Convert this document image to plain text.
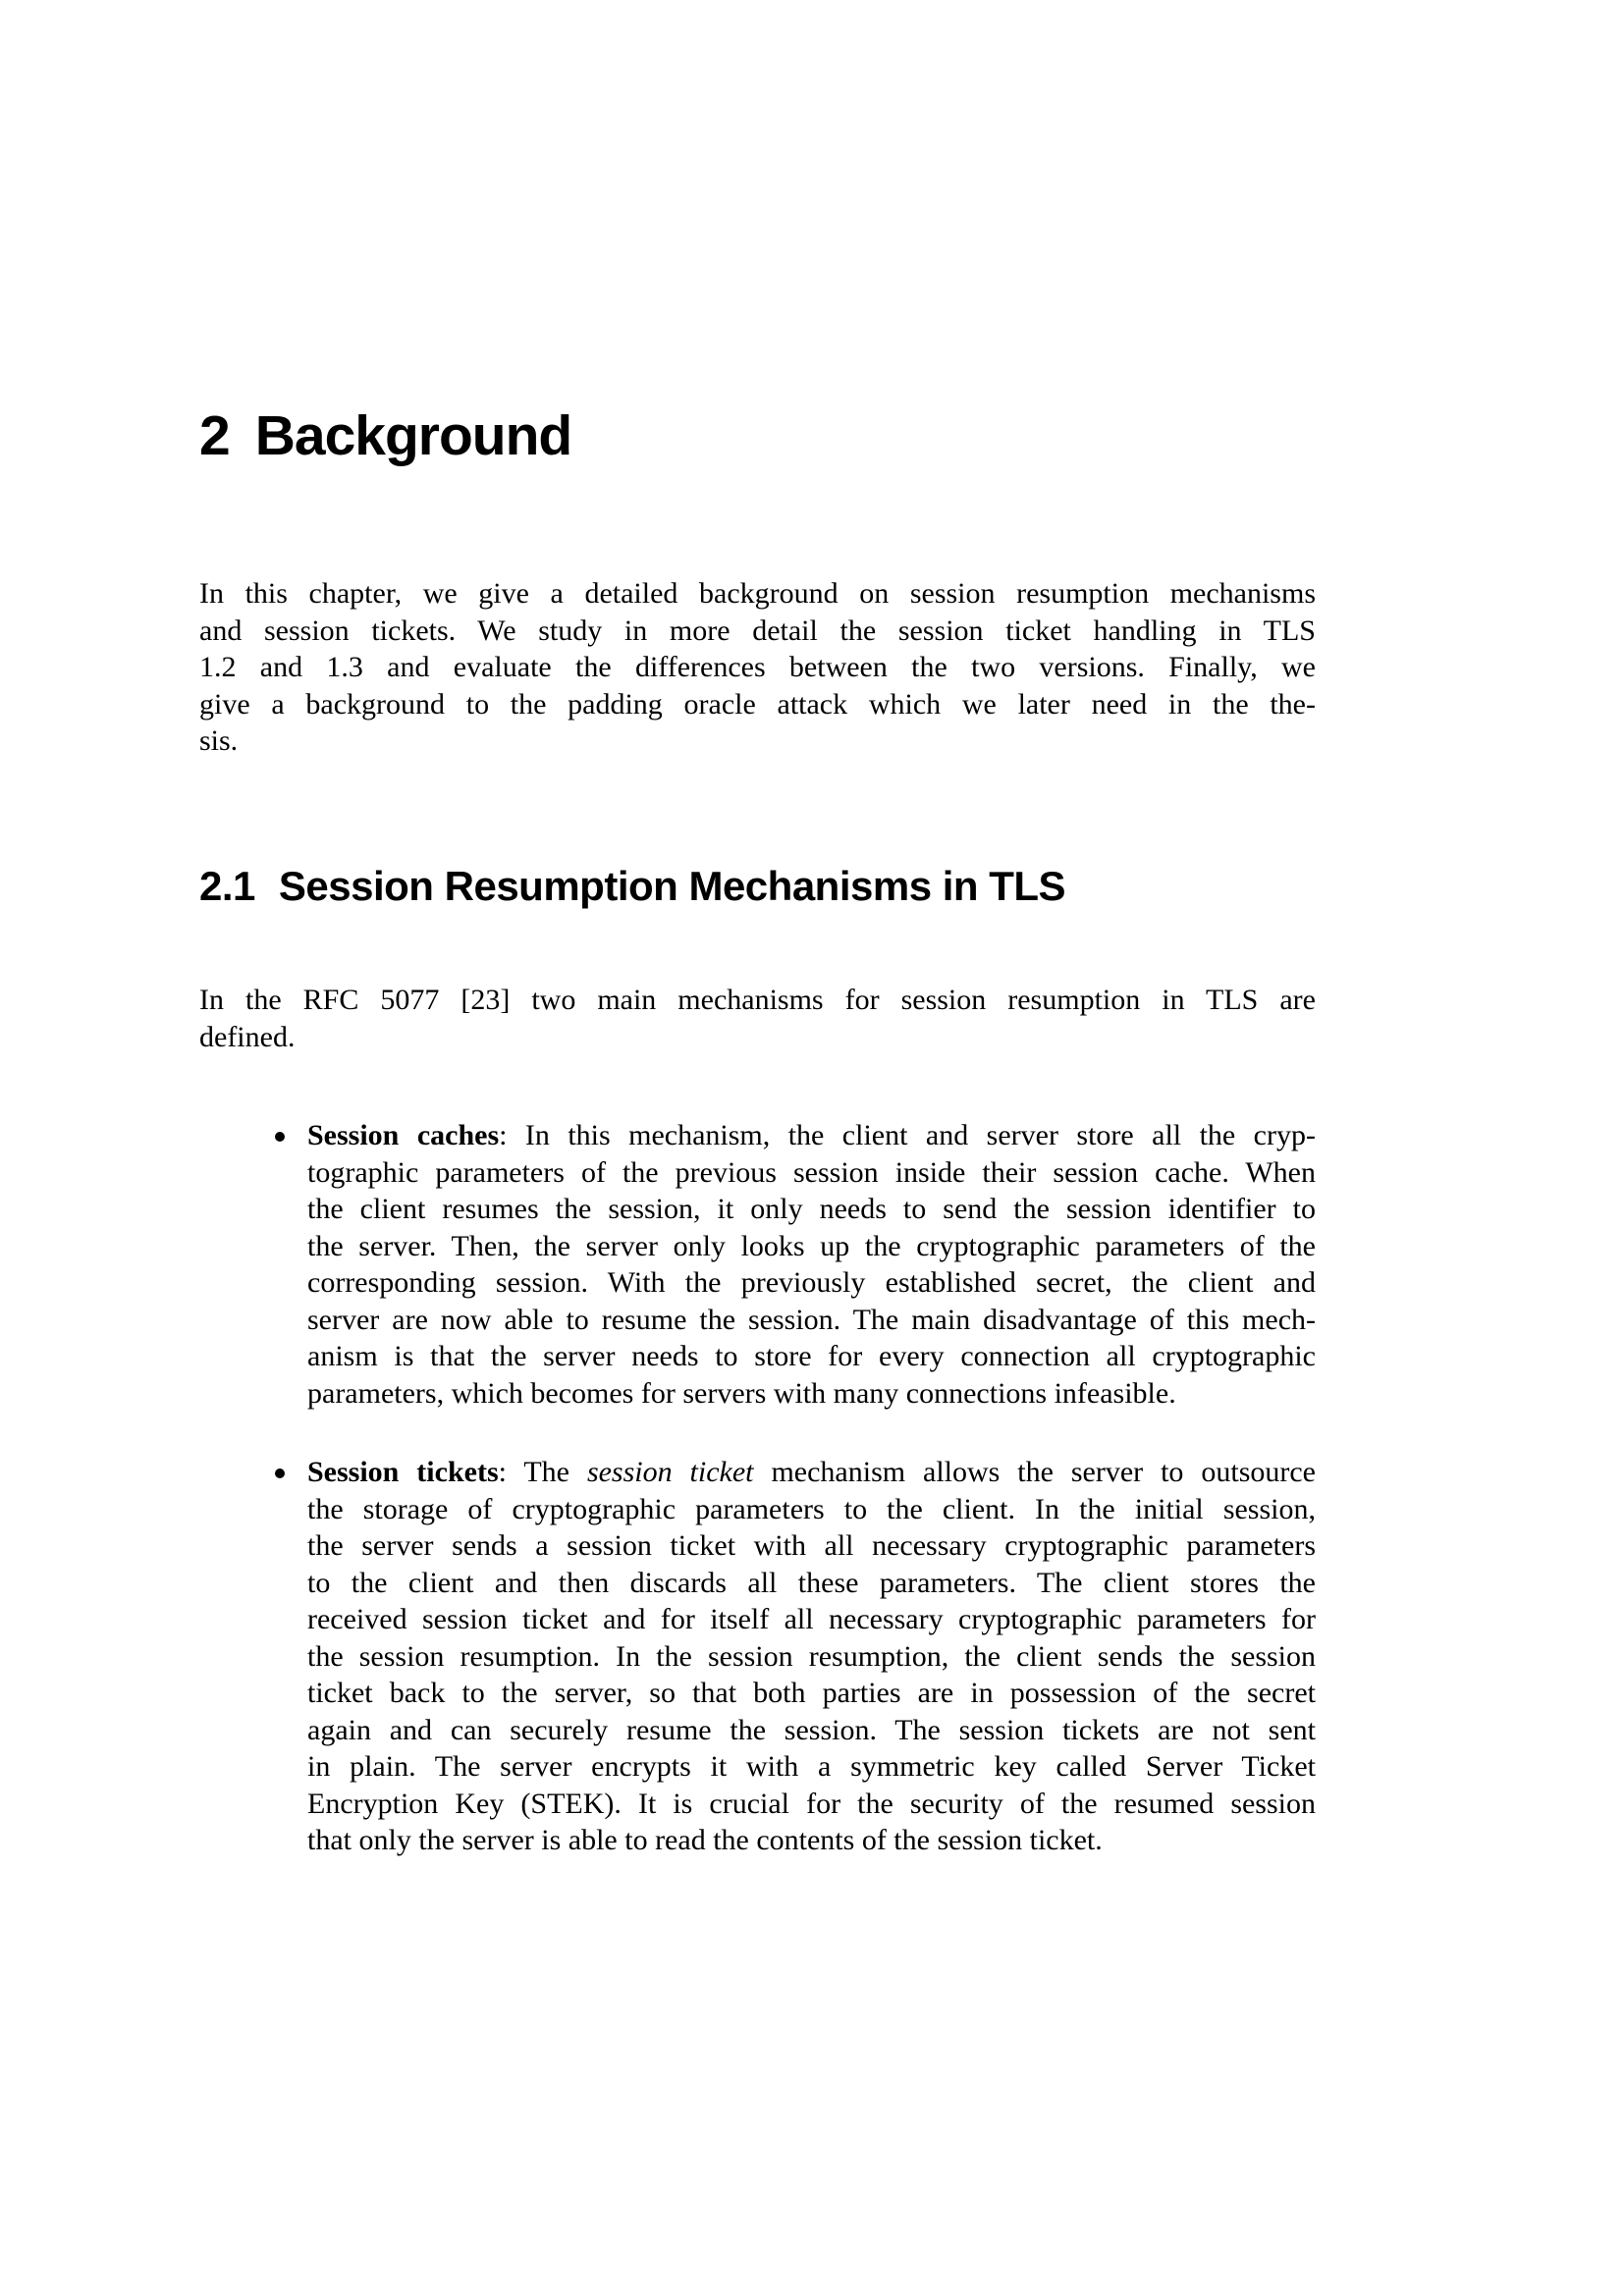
2 Background
In this chapter, we give a detailed background on session resumption mechanisms
and session tickets. We study in more detail the session ticket handling in TLS
1.2 and 1.3 and evaluate the differences between the two versions. Finally, we
give a background to the padding oracle attack which we later need in the the-
sis.
2.1 Session Resumption Mechanisms in TLS
In the RFC 5077 [23] two main mechanisms for session resumption in TLS are
defined.
Session caches: In this mechanism, the client and server store all the cryp-
tographic parameters of the previous session inside their session cache. When
the client resumes the session, it only needs to send the session identifier to
the server. Then, the server only looks up the cryptographic parameters of the
corresponding session. With the previously established secret, the client and
server are now able to resume the session. The main disadvantage of this mech-
anism is that the server needs to store for every connection all cryptographic
parameters, which becomes for servers with many connections infeasible.
Session tickets: The session ticket mechanism allows the server to outsource
the storage of cryptographic parameters to the client. In the initial session,
the server sends a session ticket with all necessary cryptographic parameters
to the client and then discards all these parameters. The client stores the
received session ticket and for itself all necessary cryptographic parameters for
the session resumption. In the session resumption, the client sends the session
ticket back to the server, so that both parties are in possession of the secret
again and can securely resume the session. The session tickets are not sent
in plain. The server encrypts it with a symmetric key called Server Ticket
Encryption Key (STEK). It is crucial for the security of the resumed session
that only the server is able to read the contents of the session ticket.
